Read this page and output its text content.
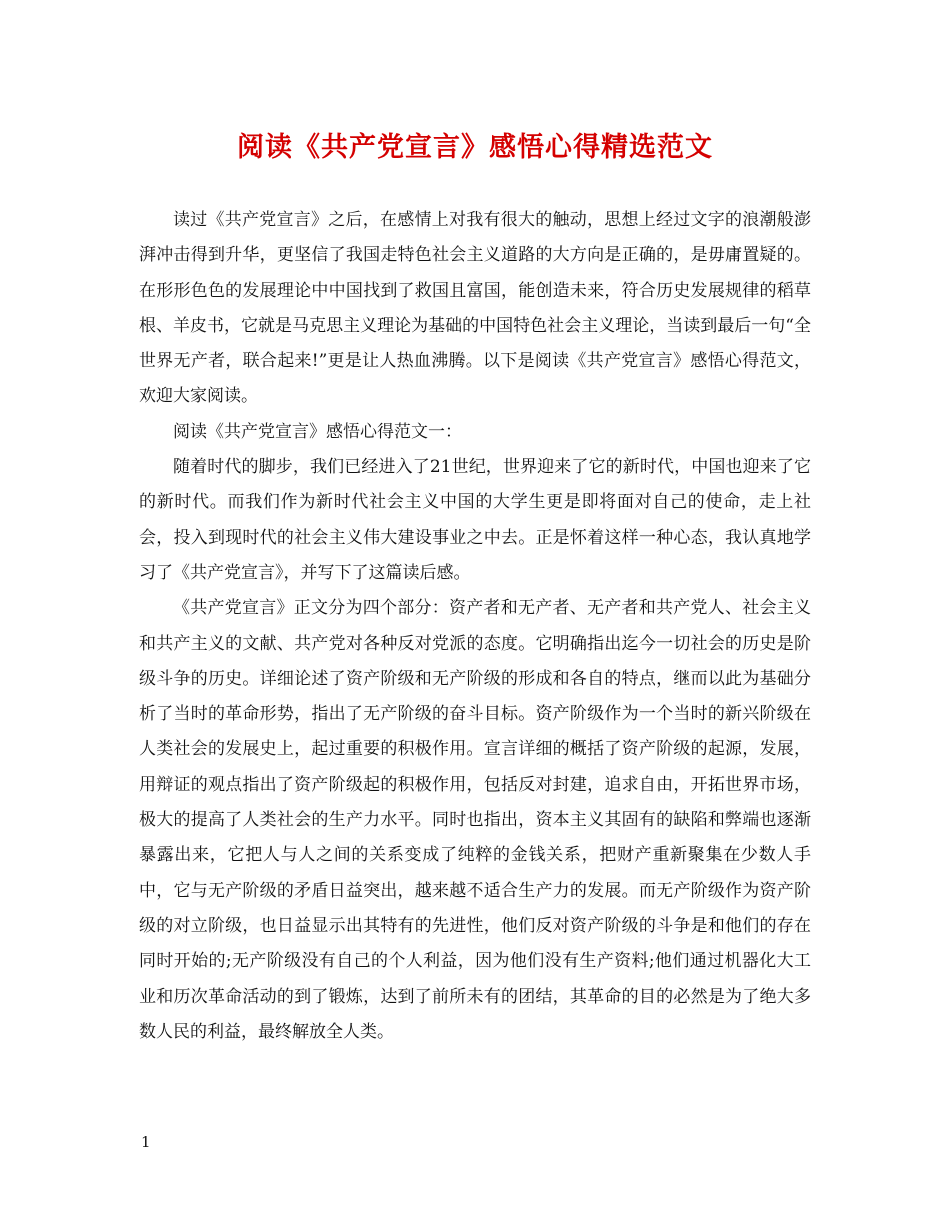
阅读《共产党宣言》感悟心得精选范文

读过《共产党宣言》之后，在感情上对我有很大的触动，思想上经过文字的浪潮般澎湃冲击得到升华，更坚信了我国走特色社会主义道路的大方向是正确的，是毋庸置疑的。在形形色色的发展理论中中国找到了救国且富国，能创造未来，符合历史发展规律的稻草根、羊皮书，它就是马克思主义理论为基础的中国特色社会主义理论，当读到最后一句“全世界无产者，联合起来!”更是让人热血沸腾。以下是阅读《共产党宣言》感悟心得范文，欢迎大家阅读。

阅读《共产党宣言》感悟心得范文一：

随着时代的脚步，我们已经进入了21世纪，世界迎来了它的新时代，中国也迎来了它的新时代。而我们作为新时代社会主义中国的大学生更是即将面对自己的使命，走上社会，投入到现时代的社会主义伟大建设事业之中去。正是怀着这样一种心态，我认真地学习了《共产党宣言》，并写下了这篇读后感。

《共产党宣言》正文分为四个部分：资产者和无产者、无产者和共产党人、社会主义和共产主义的文献、共产党对各种反对党派的态度。它明确指出迄今一切社会的历史是阶级斗争的历史。详细论述了资产阶级和无产阶级的形成和各自的特点，继而以此为基础分析了当时的革命形势，指出了无产阶级的奋斗目标。资产阶级作为一个当时的新兴阶级在人类社会的发展史上，起过重要的积极作用。宣言详细的概括了资产阶级的起源，发展，用辩证的观点指出了资产阶级起的积极作用，包括反对封建，追求自由，开拓世界市场，极大的提高了人类社会的生产力水平。同时也指出，资本主义其固有的缺陷和弊端也逐渐暴露出来，它把人与人之间的关系变成了纯粹的金钱关系，把财产重新聚集在少数人手中，它与无产阶级的矛盾日益突出，越来越不适合生产力的发展。而无产阶级作为资产阶级的对立阶级，也日益显示出其特有的先进性，他们反对资产阶级的斗争是和他们的存在同时开始的;无产阶级没有自己的个人利益，因为他们没有生产资料;他们通过机器化大工业和历次革命活动的到了锻炼，达到了前所未有的团结，其革命的目的必然是为了绝大多数人民的利益，最终解放全人类。

1
